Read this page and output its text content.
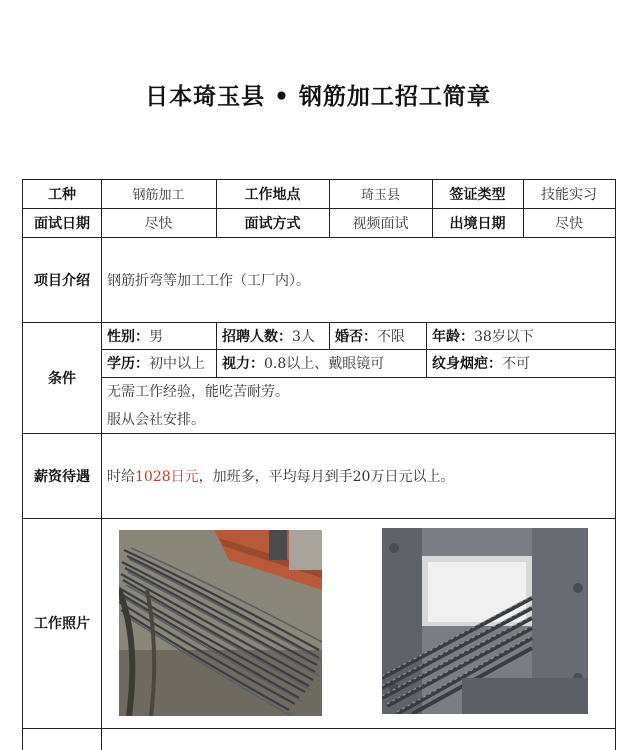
日本琦玉县 • 钢筋加工招工简章
工种	钢筋加工	工作地点	琦玉县	签证类型	技能实习
面试日期	尽快	面试方式	视频面试	出境日期	尽快
项目介绍	钢筋折弯等加工工作（工厂内）。
条件
性别： 男	招聘人数： 3人 婚否： 不限 年龄： 38岁以下
学历： 初中以上 视力： 0.8以上、戴眼镜可	纹身烟疤： 不可
无需工作经验，能吃苦耐劳。
服从会社安排。
薪资待遇	时给 1028日元 ，加班多，平均每月到手20万日元以上。
工作照片
